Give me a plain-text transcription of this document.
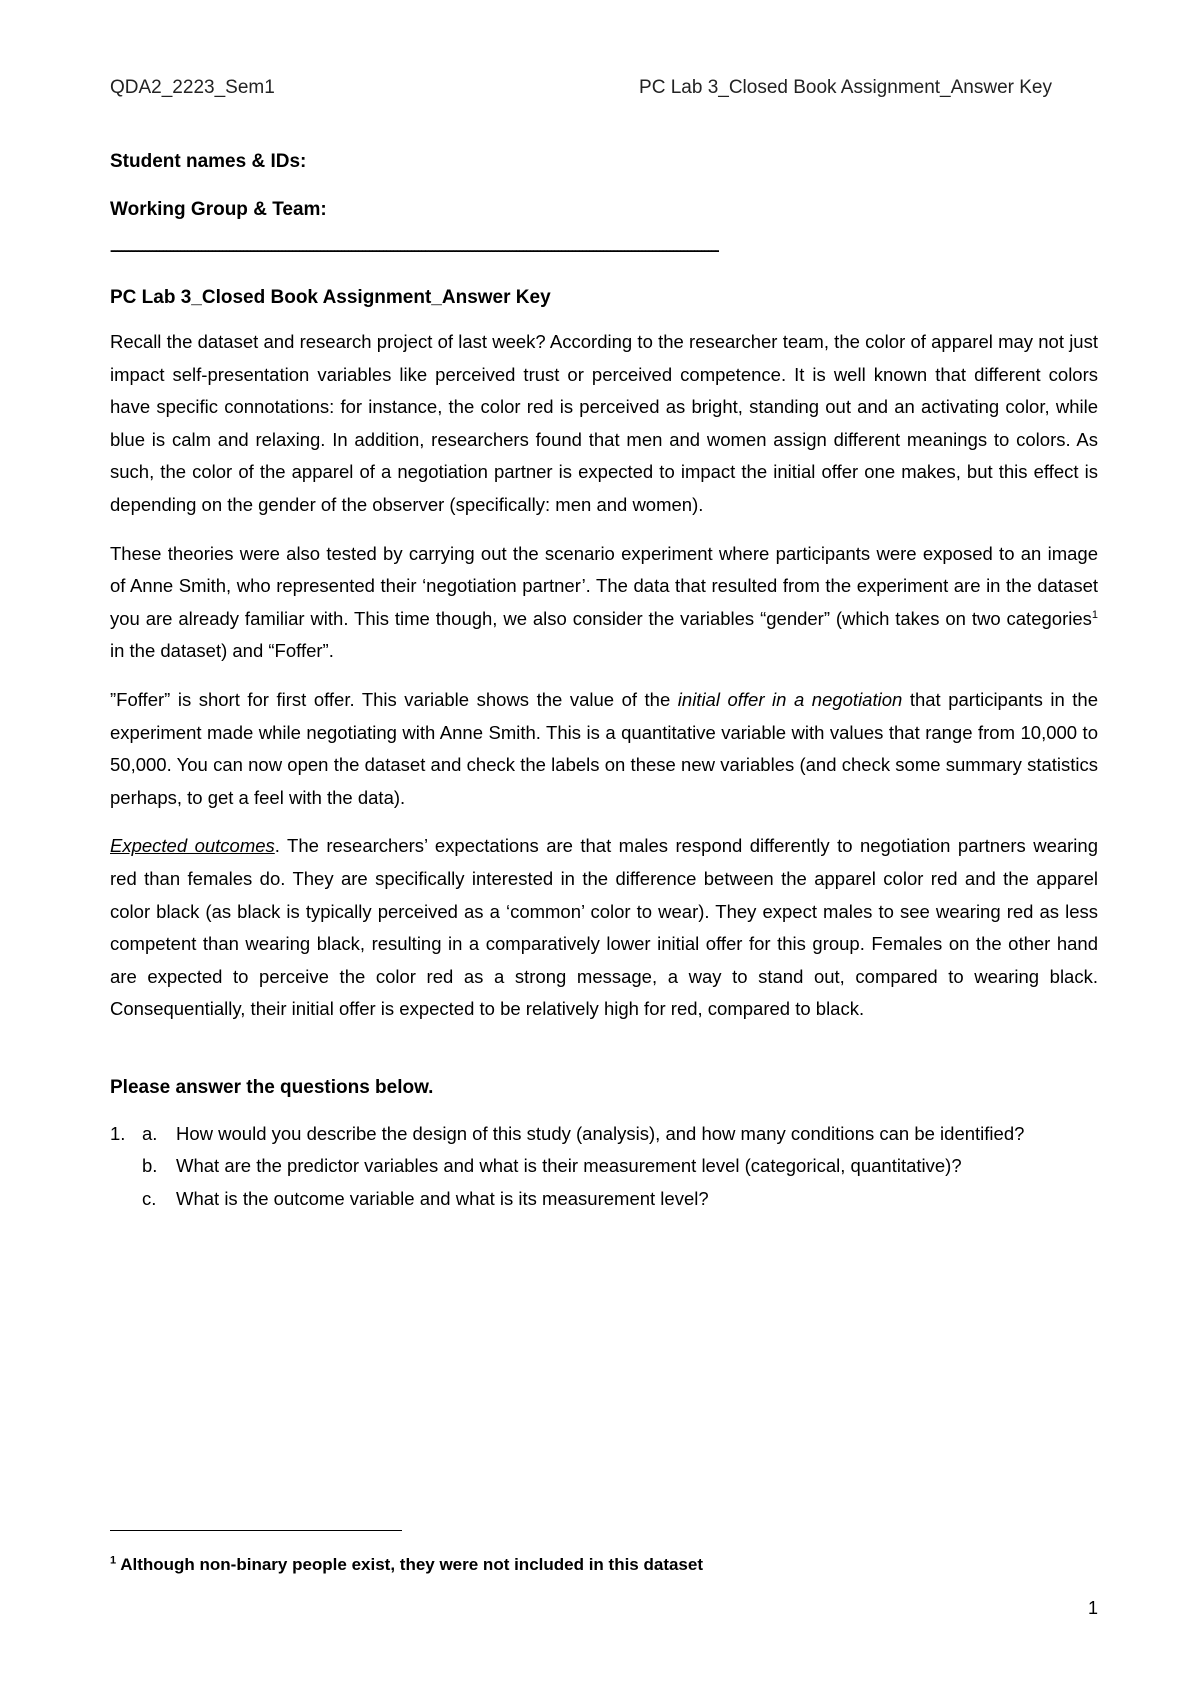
QDA2_2223_Sem1	PC Lab 3_Closed Book Assignment_Answer Key
Student names & IDs:
Working Group & Team:
------------------------------------------------------------------------------------------------------------------------------------------------------------------------------
PC Lab 3_Closed Book Assignment_Answer Key

Recall the dataset and research project of last week? According to the researcher team, the color of apparel may not just impact self-presentation variables like perceived trust or perceived competence. It is well known that different colors have specific connotations: for instance, the color red is perceived as bright, standing out and an activating color, while blue is calm and relaxing. In addition, researchers found that men and women assign different meanings to colors. As such, the color of the apparel of a negotiation partner is expected to impact the initial offer one makes, but this effect is depending on the gender of the observer (specifically: men and women).

These theories were also tested by carrying out the scenario experiment where participants were exposed to an image of Anne Smith, who represented their ‘negotiation partner’. The data that resulted from the experiment are in the dataset you are already familiar with. This time though, we also consider the variables “gender” (which takes on two categories$^1$ in the dataset) and “Foffer”.

”Foffer” is short for first offer. This variable shows the value of the initial offer in a negotiation that participants in the experiment made while negotiating with Anne Smith. This is a quantitative variable with values that range from 10,000 to 50,000. You can now open the dataset and check the labels on these new variables (and check some summary statistics perhaps, to get a feel with the data).

Expected outcomes. The researchers’ expectations are that males respond differently to negotiation partners wearing red than females do. They are specifically interested in the difference between the apparel color red and the apparel color black (as black is typically perceived as a ‘common’ color to wear). They expect males to see wearing red as less competent than wearing black, resulting in a comparatively lower initial offer for this group. Females on the other hand are expected to perceive the color red as a strong message, a way to stand out, compared to wearing black. Consequentially, their initial offer is expected to be relatively high for red, compared to black.

Please answer the questions below.
1. a.	How would you describe the design of this study (analysis), and how many conditions can be identified?
b.	What are the predictor variables and what is their measurement level (categorical, quantitative)?
c.	What is the outcome variable and what is its measurement level?
$^1$ Although non-binary people exist, they were not included in this dataset
1
